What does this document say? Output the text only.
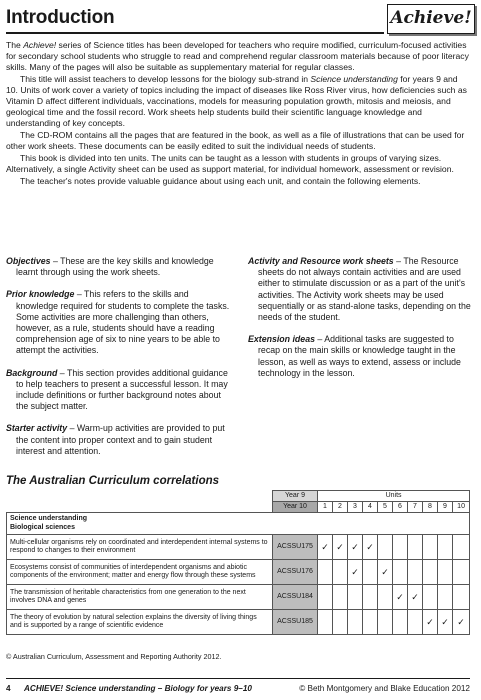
Introduction	Achieve!

The Achieve! series of Science titles has been developed for teachers who require modified, curriculum-focused activities for secondary school students who struggle to read and comprehend regular classroom materials because of poor literacy skills. Many of the pages will also be suitable as supplementary material for regular classes.

This title will assist teachers to develop lessons for the biology sub-strand in Science understanding for years 9 and 10. Units of work cover a variety of topics including the impact of diseases like Ross River virus, how deficiencies such as Vitamin D affect different individuals, vaccinations, models for measuring population growth, mitosis and meiosis, and geological time and the fossil record. Work sheets help students build their scientific language knowledge and understanding of key concepts.

The CD-ROM contains all the pages that are featured in the book, as well as a file of illustrations that can be used for other work sheets. These documents can be easily edited to suit the individual needs of students.

This book is divided into ten units. The units can be taught as a lesson with students in groups of varying sizes. Alternatively, a single Activity sheet can be used as support material, for individual homework, assessment or revision.

The teacher's notes provide valuable guidance about using each unit, and contain the following elements.

Objectives – These are the key skills and knowledge learnt through using the work sheets.

Prior knowledge – This refers to the skills and knowledge required for students to complete the tasks. Some activities are more challenging than others, however, as a rule, students should have a reading comprehension age of six to nine years to be able to attempt the activities.

Background – This section provides additional guidance to help teachers to present a successful lesson. It may include definitions or further background notes about the subject matter.

Starter activity – Warm-up activities are provided to put the content into proper context and to gain student interest and attention.

Activity and Resource work sheets – The Resource sheets do not always contain activities and are used either to stimulate discussion or as a part of the unit's activities. The Activity work sheets may be used sequentially or as stand-alone tasks, depending on the needs of the student.

Extension ideas – Additional tasks are suggested to recap on the main skills or knowledge taught in the lesson, as well as ways to extend, assess or include technology in the lesson.

The Australian Curriculum correlations
	Year 9	Units									
	Year 10	1	2	3	4	5	6	7	8	9	10

Science understanding
Biological sciences											

Multi-cellular organisms rely on coordinated and interdependent internal systems to respond to changes to their environment	ACSSU175	✓	✓	✓	✓						
Ecosystems consist of communities of interdependent organisms and abiotic components of the environment; matter and energy flow through these systems	ACSSU176			✓		✓					
The transmission of heritable characteristics from one generation to the next involves DNA and genes	ACSSU184						✓	✓			
The theory of evolution by natural selection explains the diversity of living things and is supported by a range of scientific evidence	ACSSU185								✓	✓	✓
© Australian Curriculum, Assessment and Reporting Authority 2012.
4 ACHIEVE! Science understanding – Biology for years 9–10	© Beth Montgomery and Blake Education 2012
